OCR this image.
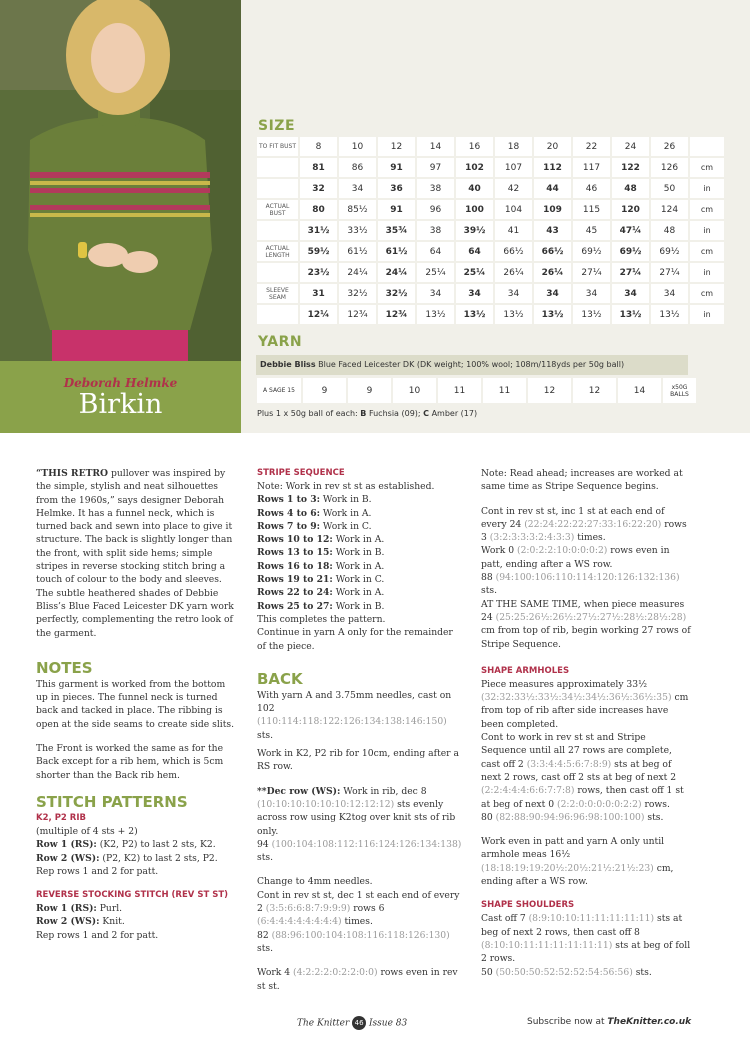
Deborah Helmke
Birkin
SIZE
TO FIT BUST	8	10	12	14	16	18	20	22	24	26	
	81	86	91	97	102	107	112	117	122	126	cm
	32	34	36	38	40	42	44	46	48	50	in
ACTUAL BUST	80	85½	91	96	100	104	109	115	120	124	cm
	31½	33½	35¾	38	39½	41	43	45	47¼	48	in
ACTUAL LENGTH	59½	61½	61½	64	64	66½	66½	69½	69½	69½	cm
	23½	24¼	24¼	25¼	25¼	26¼	26¼	27¼	27¼	27¼	in
SLEEVE SEAM	31	32½	32½	34	34	34	34	34	34	34	cm
	12¼	12¾	12¾	13½	13½	13½	13½	13½	13½	13½	in
YARN
Debbie Bliss Blue Faced Leicester DK (DK weight; 100% wool; 108m/118yds per 50g ball)
A SAGE 15	9	9	10	11	11	12	12	14	x50G BALLS
Plus 1 x 50g ball of each: B Fuchsia (09); C Amber (17)

“THIS RETRO pullover was inspired by the simple, stylish and neat silhouettes from the 1960s,” says designer Deborah Helmke. It has a funnel neck, which is turned back and sewn into place to give it structure. The back is slightly longer than the front, with split side hems; simple stripes in reverse stocking stitch bring a touch of colour to the body and sleeves. The subtle heathered shades of Debbie Bliss’s Blue Faced Leicester DK yarn work perfectly, complementing the retro look of the garment.

NOTES

This garment is worked from the bottom up in pieces. The funnel neck is turned back and tacked in place. The ribbing is open at the side seams to create side slits.

The Front is worked the same as for the Back except for a rib hem, which is 5cm shorter than the Back rib hem.

STITCH PATTERNS
K2, P2 RIB

(multiple of 4 sts + 2)

Row 1 (RS): (K2, P2) to last 2 sts, K2.

Row 2 (WS): (P2, K2) to last 2 sts, P2.

Rep rows 1 and 2 for patt.

REVERSE STOCKING STITCH (REV ST ST)

Row 1 (RS): Purl.

Row 2 (WS): Knit.

Rep rows 1 and 2 for patt.

STRIPE SEQUENCE

Note: Work in rev st st as established.

Rows 1 to 3: Work in B.

Rows 4 to 6: Work in A.

Rows 7 to 9: Work in C.

Rows 10 to 12: Work in A.

Rows 13 to 15: Work in B.

Rows 16 to 18: Work in A.

Rows 19 to 21: Work in C.

Rows 22 to 24: Work in A.

Rows 25 to 27: Work in B.

This completes the pattern.

Continue in yarn A only for the remainder of the piece.

BACK

With yarn A and 3.75mm needles, cast on 102 (110:114:118:122:126:134:138:146:150) sts.

Work in K2, P2 rib for 10cm, ending after a RS row.

**Dec row (WS): Work in rib, dec 8 (10:10:10:10:10:10:12:12:12) sts evenly across row using K2tog over knit sts of rib only.

94 (100:104:108:112:116:124:126:134:138) sts.

Change to 4mm needles.

Cont in rev st st, dec 1 st each end of every 2 (3:5:6:6:8:7:9:9:9) rows 6 (6:4:4:4:4:4:4:4:4) times.

82 (88:96:100:104:108:116:118:126:130) sts.

Work 4 (4:2:2:2:0:2:2:0:0) rows even in rev st st.

Note: Read ahead; increases are worked at same time as Stripe Sequence begins.

Cont in rev st st, inc 1 st at each end of every 24 (22:24:22:22:27:33:16:22:20) rows 3 (3:2:3:3:3:2:4:3:3) times.

Work 0 (2:0:2:2:10:0:0:0:2) rows even in patt, ending after a WS row.

88 (94:100:106:110:114:120:126:132:136) sts.

AT THE SAME TIME, when piece measures 24 (25:25:26½:26½:27½:27½:28½:28½:28) cm from top of rib, begin working 27 rows of Stripe Sequence.

SHAPE ARMHOLES

Piece measures approximately 33½ (32:32:33½:33½:34½:34½:36½:36½:35) cm from top of rib after side increases have been completed.

Cont to work in rev st st and Stripe Sequence until all 27 rows are complete, cast off 2 (3:3:4:4:5:6:7:8:9) sts at beg of next 2 rows, cast off 2 sts at beg of next 2 (2:2:4:4:4:6:6:7:7:8) rows, then cast off 1 st at beg of next 0 (2:2:0:0:0:0:0:2:2) rows.

80 (82:88:90:94:96:96:98:100:100) sts.

Work even in patt and yarn A only until armhole meas 16½ (18:18:19:19:20½:20½:21½:21½:23) cm, ending after a WS row.

SHAPE SHOULDERS

Cast off 7 (8:9:10:10:11:11:11:11:11) sts at beg of next 2 rows, then cast off 8 (8:10:10:11:11:11:11:11:11) sts at beg of foll 2 rows.

50 (50:50:50:52:52:52:54:56:56) sts.

The Knitter 46 Issue 83	Subscribe now at TheKnitter.co.uk
